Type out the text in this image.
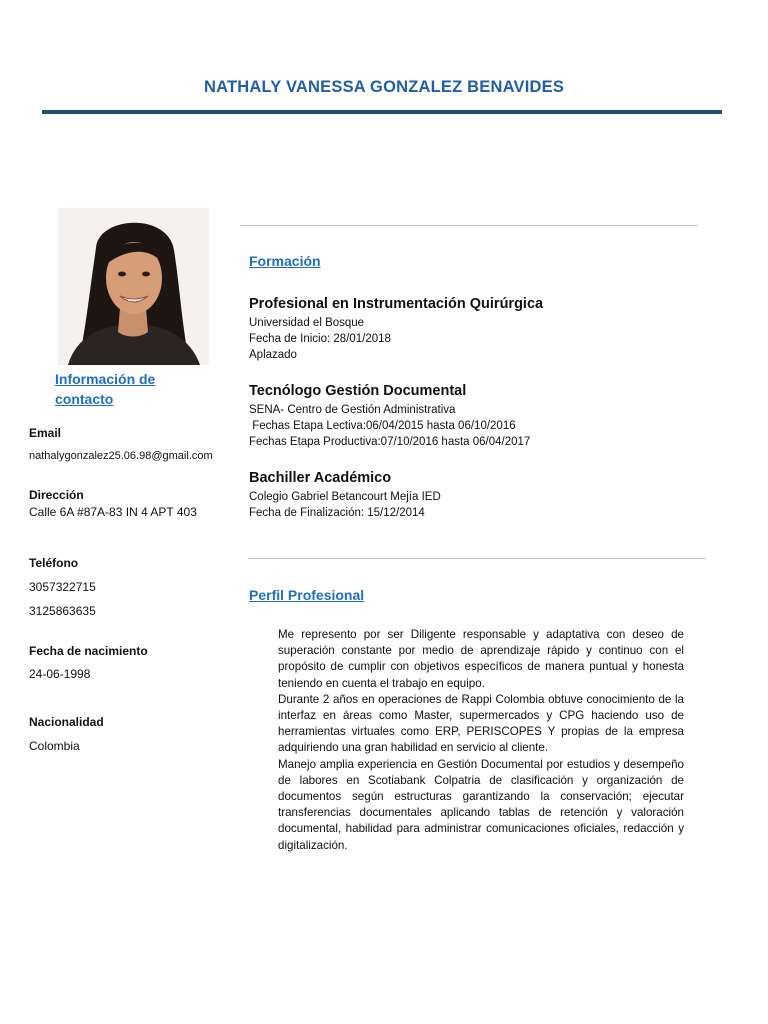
NATHALY VANESSA GONZALEZ BENAVIDES
Información de contacto
Email
nathalygonzalez25.06.98@gmail.com
Dirección
Calle 6A #87A-83 IN 4 APT 403
Teléfono
3057322715
3125863635
Fecha de nacimiento
24-06-1998
Nacionalidad
Colombia
Formación
Profesional en Instrumentación Quirúrgica
Universidad el Bosque
Fecha de Inicio: 28/01/2018
Aplazado
Tecnólogo Gestión Documental
SENA- Centro de Gestión Administrativa
Fechas Etapa Lectiva:06/04/2015 hasta 06/10/2016
Fechas Etapa Productiva:07/10/2016 hasta 06/04/2017
Bachiller Académico
Colegio Gabriel Betancourt Mejía IED
Fecha de Finalización: 15/12/2014
Perfil Profesional

Me represento por ser Diligente responsable y adaptativa con deseo de superación constante por medio de aprendizaje rápido y continuo con el propósito de cumplir con objetivos específicos de manera puntual y honesta teniendo en cuenta el trabajo en equipo.

Durante 2 años en operaciones de Rappi Colombia obtuve conocimiento de la interfaz en áreas como Master, supermercados y CPG haciendo uso de herramientas virtuales como ERP, PERISCOPES Y propias de la empresa adquiriendo una gran habilidad en servicio al cliente.

Manejo amplia experiencia en Gestión Documental por estudios y desempeño de labores en Scotiabank Colpatria de clasificación y organización de documentos según estructuras garantizando la conservación; ejecutar transferencias documentales aplicando tablas de retención y valoración documental, habilidad para administrar comunicaciones oficiales, redacción y digitalización.
